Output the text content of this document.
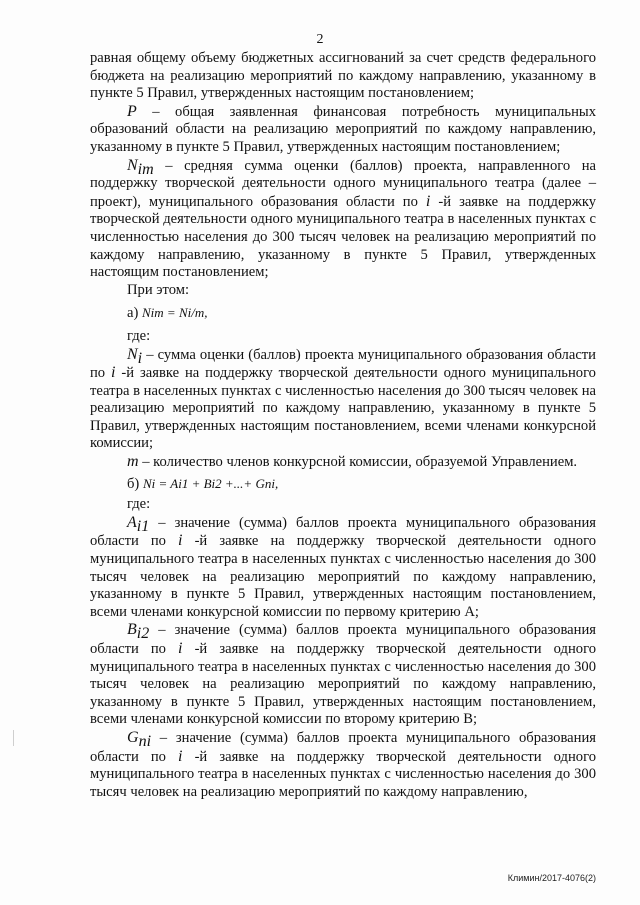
2

равная общему объему бюджетных ассигнований за счет средств федерального бюджета на реализацию мероприятий по каждому направлению, указанному в пункте 5 Правил, утвержденных настоящим постановлением;

P – общая заявленная финансовая потребность муниципальных образований области на реализацию мероприятий по каждому направлению, указанному в пункте 5 Правил, утвержденных настоящим постановлением;

$N_{im}$ – средняя сумма оценки (баллов) проекта, направленного на поддержку творческой деятельности одного муниципального театра (далее – проект), муниципального образования области по i -й заявке на поддержку творческой деятельности одного муниципального театра в населенных пунктах с численностью населения до 300 тысяч человек на реализацию мероприятий по каждому направлению, указанному в пункте 5 Правил, утвержденных настоящим постановлением;

При этом:

а) Nim = Ni/m,

где:

$N_i$ – сумма оценки (баллов) проекта муниципального образования области по i -й заявке на поддержку творческой деятельности одного муниципального театра в населенных пунктах с численностью населения до 300 тысяч человек на реализацию мероприятий по каждому направлению, указанному в пункте 5 Правил, утвержденных настоящим постановлением, всеми членами конкурсной комиссии;

m – количество членов конкурсной комиссии, образуемой Управлением.

б) Ni = Ai1 + Bi2 +...+ Gni,

где:

$A_{i1}$ – значение (сумма) баллов проекта муниципального образования области по i -й заявке на поддержку творческой деятельности одного муниципального театра в населенных пунктах с численностью населения до 300 тысяч человек на реализацию мероприятий по каждому направлению, указанному в пункте 5 Правил, утвержденных настоящим постановлением, всеми членами конкурсной комиссии по первому критерию А;

$B_{i2}$ – значение (сумма) баллов проекта муниципального образования области по i -й заявке на поддержку творческой деятельности одного муниципального театра в населенных пунктах с численностью населения до 300 тысяч человек на реализацию мероприятий по каждому направлению, указанному в пункте 5 Правил, утвержденных настоящим постановлением, всеми членами конкурсной комиссии по второму критерию В;

$G_{ni}$ – значение (сумма) баллов проекта муниципального образования области по i -й заявке на поддержку творческой деятельности одного муниципального театра в населенных пунктах с численностью населения до 300 тысяч человек на реализацию мероприятий по каждому направлению,

Климин/2017-4076(2)
